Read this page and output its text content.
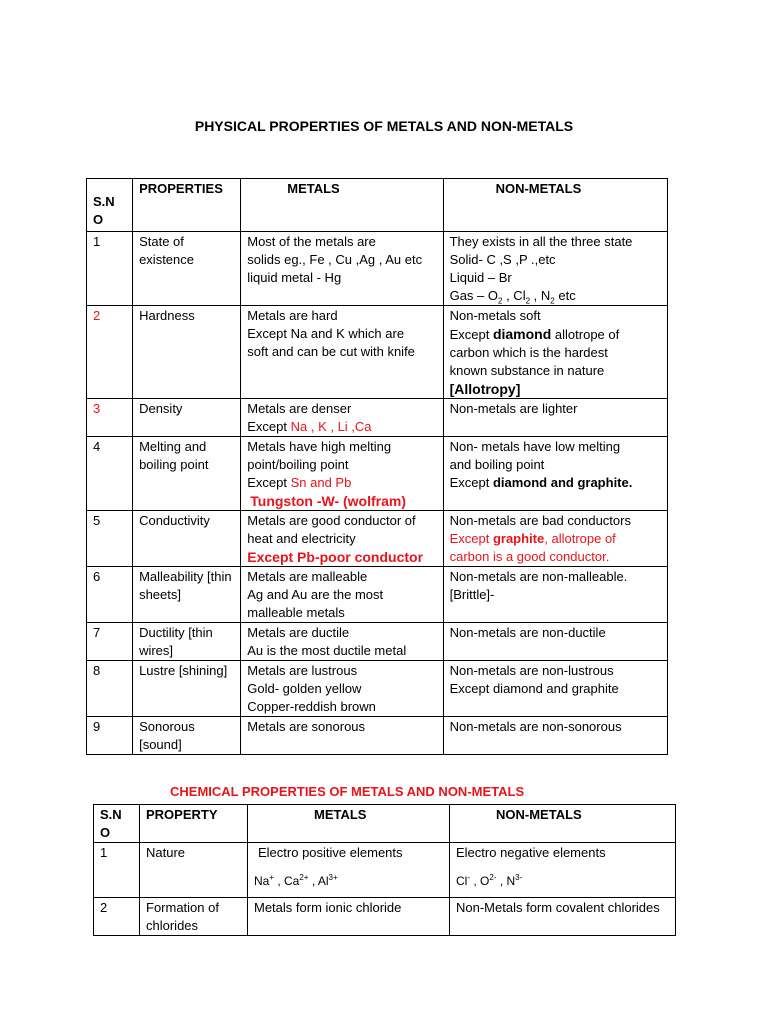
PHYSICAL PROPERTIES OF METALS AND NON-METALS
S.N
O	PROPERTIES	METALS	NON-METALS
1	State of existence	Most of the metals are
solids eg., Fe , Cu ,Ag , Au etc
liquid metal - Hg	They exists in all the three state
Solid- C ,S ,P .,etc
Liquid – Br
Gas – $O_2$ , $Cl_2$ , $N_2$ etc

2	Hardness	Metals are hard
Except Na and K which are
soft and can be cut with knife	Non-metals soft
Except diamond allotrope of
carbon which is the hardest
known substance in nature
[Allotropy]

3	Density	Metals are denser
Except Na , K , Li ,Ca	Non-metals are lighter

4	Melting and boiling point	Metals have high melting
point/boiling point
Except Sn and Pb
Tungston -W- (wolfram)	Non- metals have low melting
and boiling point
Except diamond and graphite.

5	Conductivity	Metals are good conductor of
heat and electricity
Except Pb-poor conductor	Non-metals are bad conductors
Except graphite, allotrope of
carbon is a good conductor.

6	Malleability [thin sheets]	Metals are malleable
Ag and Au are the most
malleable metals	Non-metals are non-malleable.
[Brittle]-

7	Ductility [thin wires]	Metals are ductile
Au is the most ductile metal	Non-metals are non-ductile

8	Lustre [shining]	Metals are lustrous
Gold- golden yellow
Copper-reddish brown	Non-metals are non-lustrous
Except diamond and graphite

9	Sonorous [sound]	Metals are sonorous	Non-metals are non-sonorous
CHEMICAL PROPERTIES OF METALS AND NON-METALS
S.N
O	PROPERTY	METALS	NON-METALS
1	Nature	Electro positive elements
Na+ , $Ca^{2+}$ , $Al^{3+}$	Electro negative elements
Cl- , $O^{2-}$ , $N^{3-}$

2	Formation of chlorides	Metals form ionic chloride	Non-Metals form covalent chlorides
